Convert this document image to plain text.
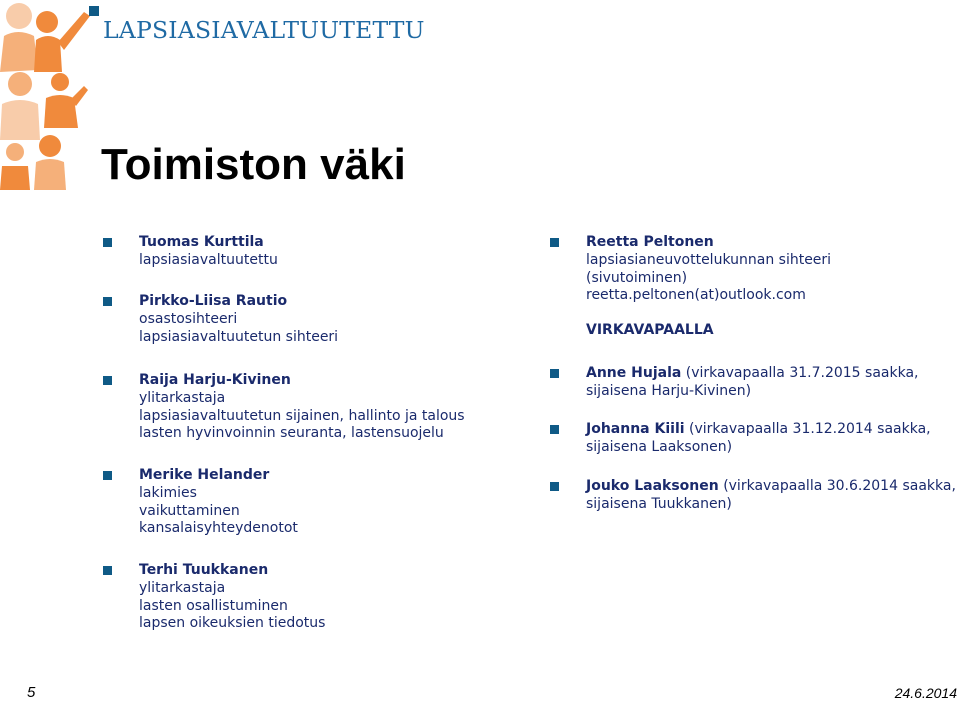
LAPSIASIAVALTUUTETTU
Toimiston väki
Tuomas Kurttila
lapsiasiavaltuutettu
Pirkko-Liisa Rautio
osastosihteeri
lapsiasiavaltuutetun sihteeri
Raija Harju-Kivinen
ylitarkastaja
lapsiasiavaltuutetun sijainen, hallinto ja talous
lasten hyvinvoinnin seuranta, lastensuojelu
Merike Helander
lakimies
vaikuttaminen
kansalaisyhteydenotot
Terhi Tuukkanen
ylitarkastaja
lasten osallistuminen
lapsen oikeuksien tiedotus
Reetta Peltonen
lapsiasianeuvottelukunnan sihteeri
(sivutoiminen)
reetta.peltonen(at)outlook.com
VIRKAVAPAALLA
Anne Hujala (virkavapaalla 31.7.2015 saakka,
sijaisena Harju-Kivinen)
Johanna Kiili (virkavapaalla 31.12.2014 saakka,
sijaisena Laaksonen)
Jouko Laaksonen (virkavapaalla 30.6.2014 saakka,
sijaisena Tuukkanen)
5	24.6.2014
